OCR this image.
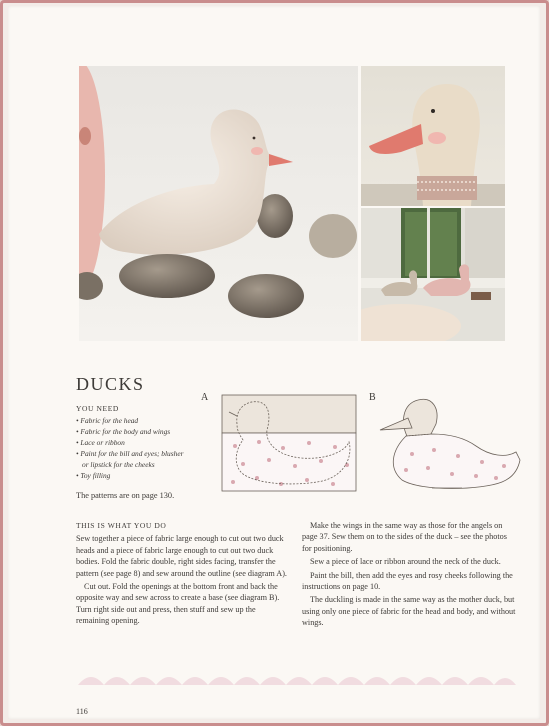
DUCKS
YOU NEED
• Fabric for the head
• Fabric for the body and wings
• Lace or ribbon
• Paint for the bill and eyes; blusher
or lipstick for the cheeks
• Toy filling
The patterns are on page 130.
A	B

THIS IS WHAT YOU DO

Sew together a piece of fabric large enough to cut out two duck heads and a piece of fabric large enough to cut out two duck bodies. Fold the fabric double, right sides facing, transfer the pattern (see page 8) and sew around the outline (see diagram A).

Cut out. Fold the openings at the bottom front and back the opposite way and sew across to create a base (see diagram B). Turn right side out and press, then stuff and sew up the remaining opening.

Make the wings in the same way as those for the angels on page 37. Sew them on to the sides of the duck – see the photos for positioning.

Sew a piece of lace or ribbon around the neck of the duck.

Paint the bill, then add the eyes and rosy cheeks following the instructions on page 10.

The duckling is made in the same way as the mother duck, but using only one piece of fabric for the head and body, and without wings.

116
